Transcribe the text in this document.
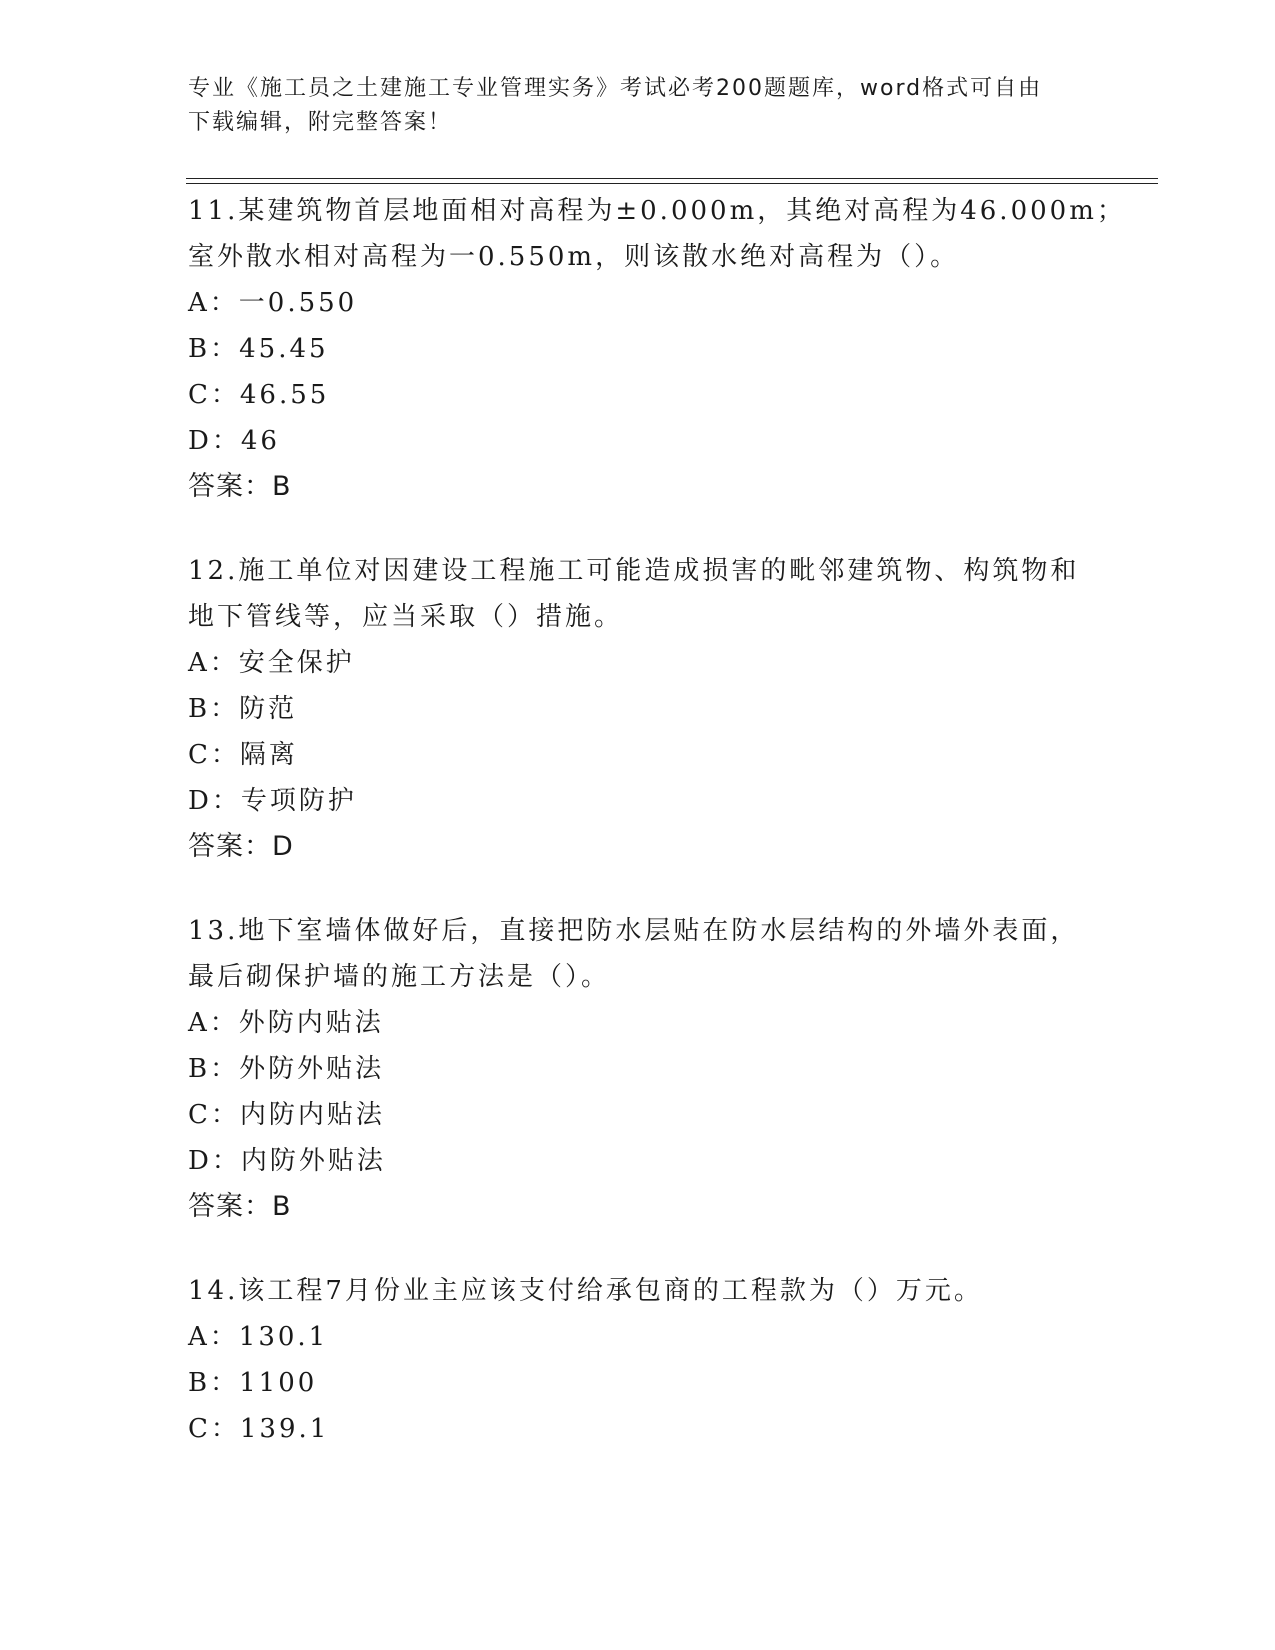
专业《施工员之土建施工专业管理实务》考试必考200题题库，word格式可自由
下载编辑，附完整答案！
11.某建筑物首层地面相对高程为±0.000m，其绝对高程为46.000m；
室外散水相对高程为一0.550m，则该散水绝对高程为（）。
A：一0.550
B：45.45
C：46.55
D：46
答案：B
12.施工单位对因建设工程施工可能造成损害的毗邻建筑物、构筑物和
地下管线等，应当采取（）措施。
A：安全保护
B：防范
C：隔离
D：专项防护
答案：D
13.地下室墙体做好后，直接把防水层贴在防水层结构的外墙外表面，
最后砌保护墙的施工方法是（）。
A：外防内贴法
B：外防外贴法
C：内防内贴法
D：内防外贴法
答案：B
14.该工程7月份业主应该支付给承包商的工程款为（）万元。
A：130.1
B：1100
C：139.1
